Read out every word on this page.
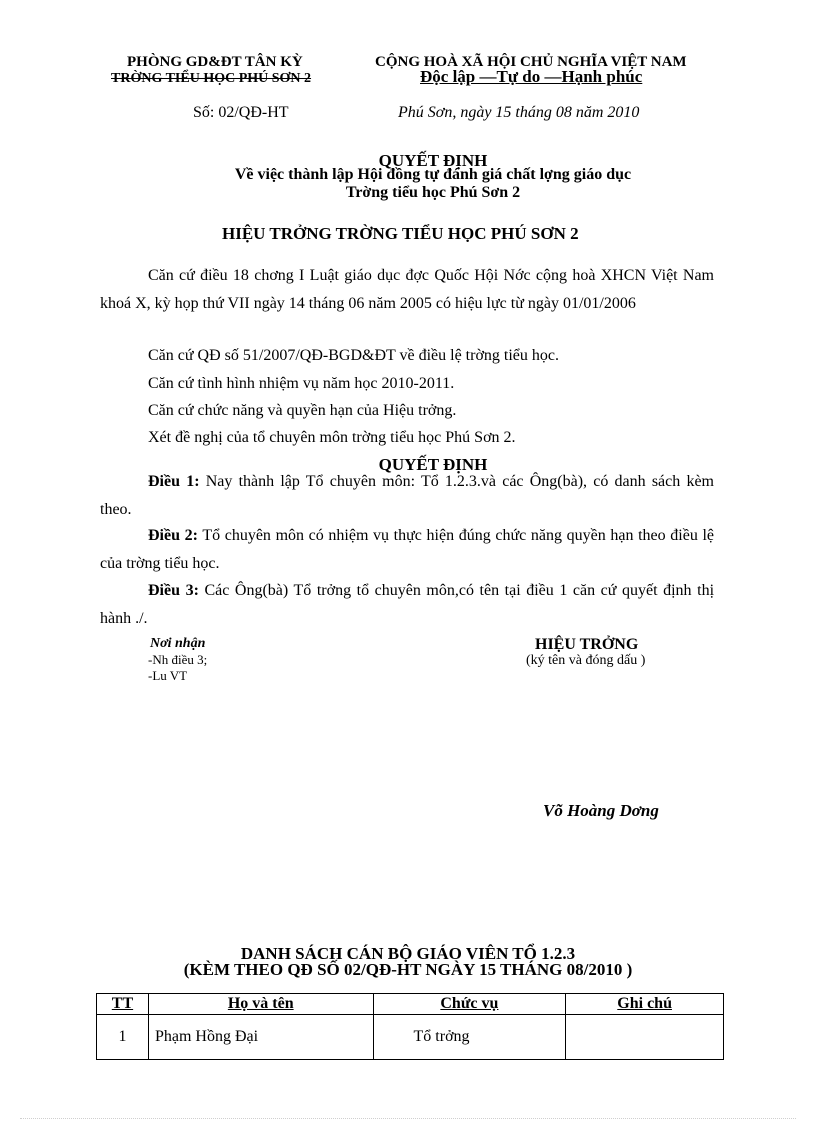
PHÒNG GD&ĐT TÂN KỲ
TRỜNG TIỂU HỌC PHÚ SƠN 2
CỘNG HOÀ XÃ HỘI CHỦ NGHĨA VIỆT NAM
Độc lập —Tự do —Hạnh phúc
Số: 02/QĐ-HT	Phú Sơn, ngày 15 tháng 08 năm 2010
QUYẾT ĐỊNH
Về việc thành lập Hội đồng tự đánh giá chất lợng giáo dục
Trờng tiểu học Phú Sơn 2
HIỆU TRỞNG TRỜNG TIỂU HỌC PHÚ SƠN 2
Căn cứ điều 18 chơng I Luật giáo dục đợc Quốc Hội Nớc cộng hoà XHCN Việt Nam khoá X, kỳ họp thứ VII ngày 14 tháng 06 năm 2005 có hiệu lực từ ngày 01/01/2006
Căn cứ QĐ số 51/2007/QĐ-BGD&ĐT về điều lệ trờng tiểu học.
Căn cứ tình hình nhiệm vụ năm học 2010-2011.
Căn cứ chức năng và quyền hạn của Hiệu trởng.
Xét đề nghị của tổ chuyên môn trờng tiểu học Phú Sơn 2.
QUYẾT ĐỊNH
Điều 1: Nay thành lập Tổ chuyên môn: Tổ 1.2.3.và các Ông(bà), có danh sách kèm theo.
Điều 2: Tổ chuyên môn có nhiệm vụ thực hiện đúng chức năng quyền hạn theo điều lệ của trờng tiểu học.
Điều 3: Các Ông(bà) Tổ trởng tổ chuyên môn,có tên tại điều 1 căn cứ quyết định thị hành ./.
Nơi nhận
-Nh điều 3;
-Lu VT
HIỆU TRỞNG
(ký tên và đóng dấu )
Võ Hoàng Dơng
DANH SÁCH CÁN BỘ GIÁO VIÊN TỔ 1.2.3
(KÈM THEO QĐ SỐ 02/QĐ-HT NGÀY 15 THÁNG 08/2010 )
TT	Họ và tên	Chức vụ	Ghi chú
1	Phạm Hồng Đại	Tổ trởng	
